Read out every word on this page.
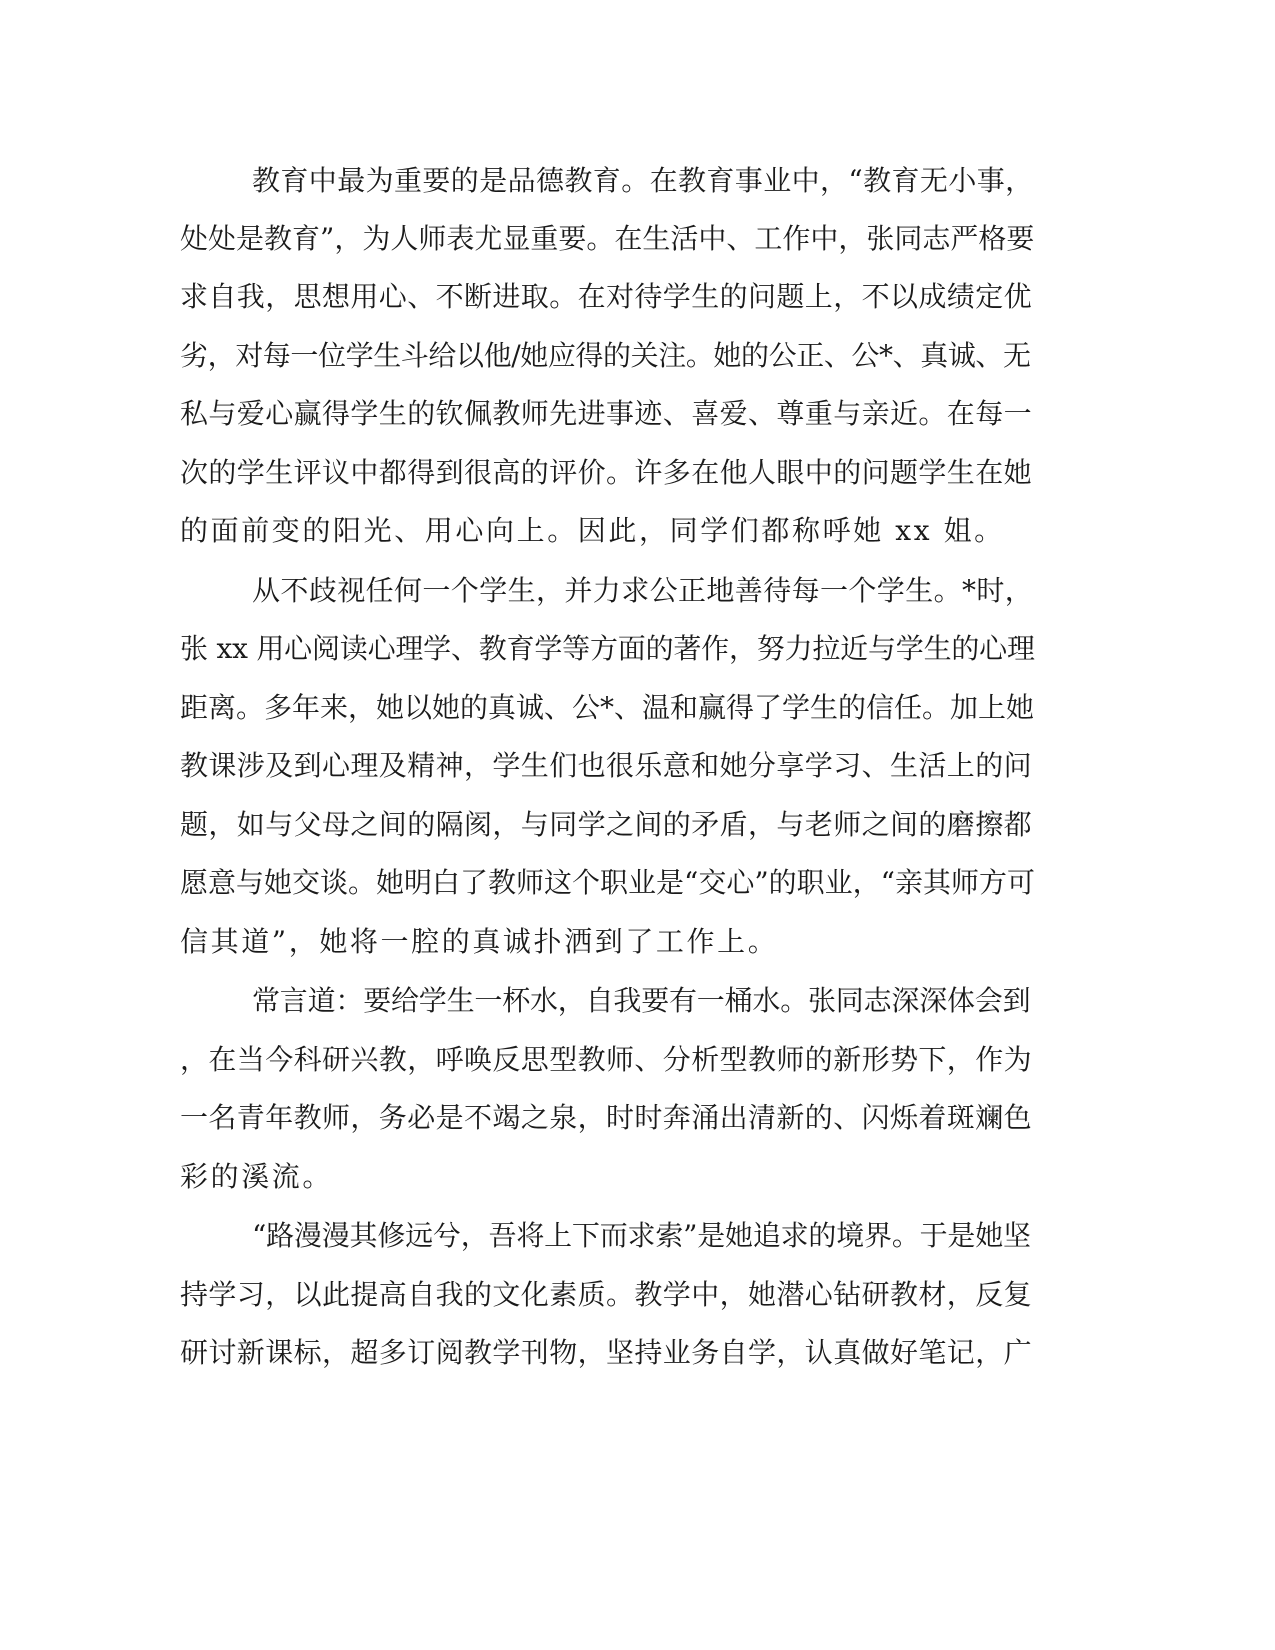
教育中最为重要的是品德教育。在教育事业中，“教育无小事，

处处是教育”，为人师表尤显重要。在生活中、工作中，张同志严格要

求自我，思想用心、不断进取。在对待学生的问题上，不以成绩定优

劣，对每一位学生斗给以他/她应得的关注。她的公正、公*、真诚、无

私与爱心赢得学生的钦佩教师先进事迹、喜爱、尊重与亲近。在每一

次的学生评议中都得到很高的评价。许多在他人眼中的问题学生在她

的面前变的阳光、用心向上。因此，同学们都称呼她 xx 姐。

从不歧视任何一个学生，并力求公正地善待每一个学生。*时，

张 xx 用心阅读心理学、教育学等方面的著作，努力拉近与学生的心理

距离。多年来，她以她的真诚、公*、温和赢得了学生的信任。加上她

教课涉及到心理及精神，学生们也很乐意和她分享学习、生活上的问

题，如与父母之间的隔阂，与同学之间的矛盾，与老师之间的磨擦都

愿意与她交谈。她明白了教师这个职业是“交心”的职业，“亲其师方可

信其道”，她将一腔的真诚扑洒到了工作上。

常言道：要给学生一杯水，自我要有一桶水。张同志深深体会到

，在当今科研兴教，呼唤反思型教师、分析型教师的新形势下，作为

一名青年教师，务必是不竭之泉，时时奔涌出清新的、闪烁着斑斓色

彩的溪流。

“路漫漫其修远兮，吾将上下而求索”是她追求的境界。于是她坚

持学习，以此提高自我的文化素质。教学中，她潜心钻研教材，反复

研讨新课标，超多订阅教学刊物，坚持业务自学，认真做好笔记，广
